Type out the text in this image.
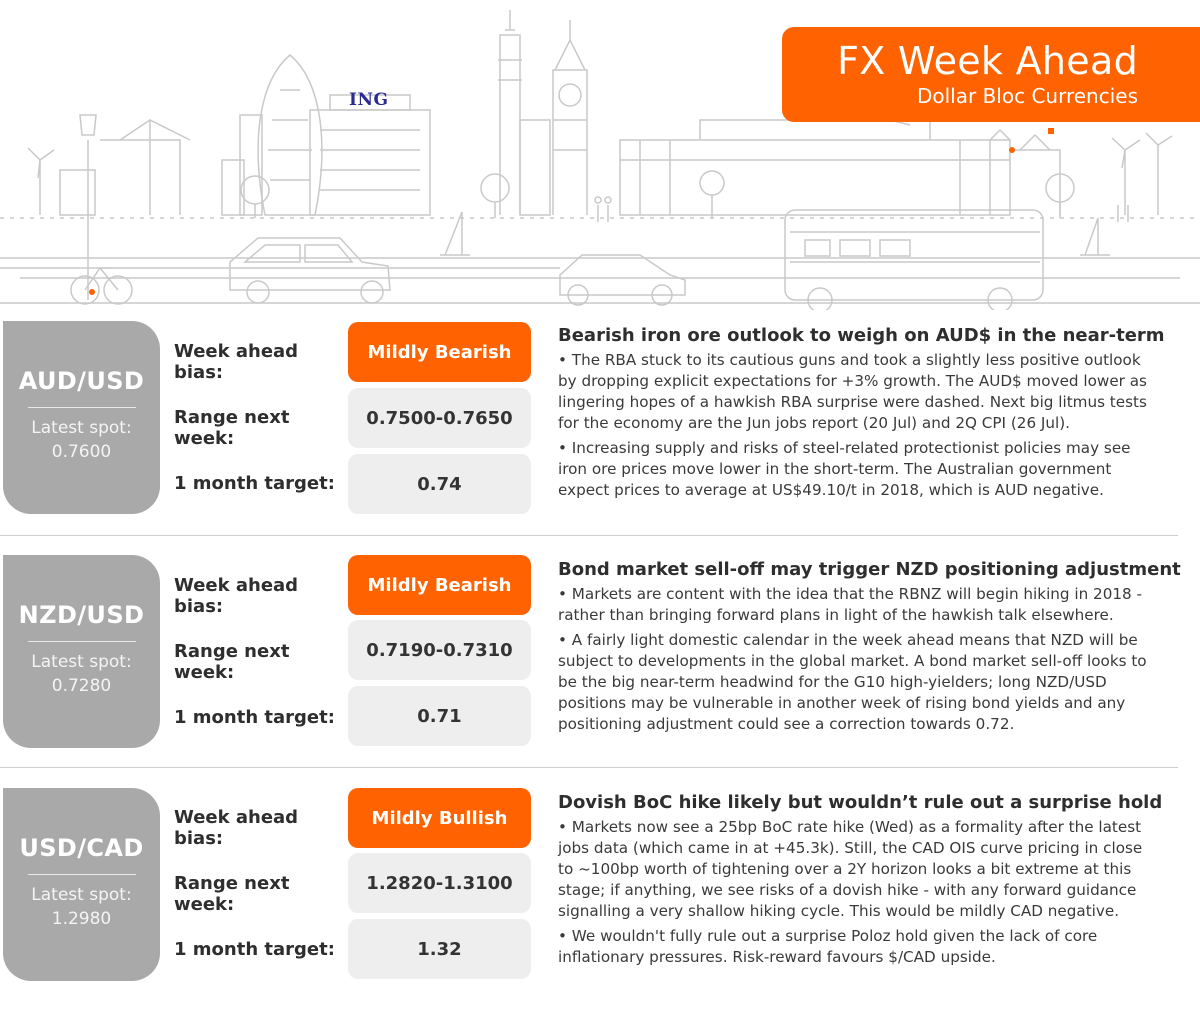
ING
FX Week Ahead
Dollar Bloc Currencies
AUD/USD
Latest spot:
0.7600
Week ahead bias:
Mildly Bearish
Range next week:
0.7500-0.7650
1 month target:	0.74
Bearish iron ore outlook to weigh on AUD$ in the near-term
• The RBA stuck to its cautious guns and took a slightly less positive outlook by dropping explicit expectations for +3% growth. The AUD$ moved lower as lingering hopes of a hawkish RBA surprise were dashed. Next big litmus tests for the economy are the Jun jobs report (20 Jul) and 2Q CPI (26 Jul).
• Increasing supply and risks of steel-related protectionist policies may see iron ore prices move lower in the short-term. The Australian government expect prices to average at US$49.10/t in 2018, which is AUD negative.
NZD/USD
Latest spot:
0.7280
Week ahead bias:
Mildly Bearish
Range next week:
0.7190-0.7310
1 month target:	0.71
Bond market sell-off may trigger NZD positioning adjustment
• Markets are content with the idea that the RBNZ will begin hiking in 2018 - rather than bringing forward plans in light of the hawkish talk elsewhere.
• A fairly light domestic calendar in the week ahead means that NZD will be subject to developments in the global market. A bond market sell-off looks to be the big near-term headwind for the G10 high-yielders; long NZD/USD positions may be vulnerable in another week of rising bond yields and any positioning adjustment could see a correction towards 0.72.
USD/CAD
Latest spot:
1.2980
Week ahead bias:
Mildly Bullish
Range next week:
1.2820-1.3100
1 month target:	1.32
Dovish BoC hike likely but wouldn’t rule out a surprise hold
• Markets now see a 25bp BoC rate hike (Wed) as a formality after the latest jobs data (which came in at +45.3k). Still, the CAD OIS curve pricing in close to ~100bp worth of tightening over a 2Y horizon looks a bit extreme at this stage; if anything, we see risks of a dovish hike - with any forward guidance signalling a very shallow hiking cycle. This would be mildly CAD negative.
• We wouldn't fully rule out a surprise Poloz hold given the lack of core inflationary pressures. Risk-reward favours $/CAD upside.
